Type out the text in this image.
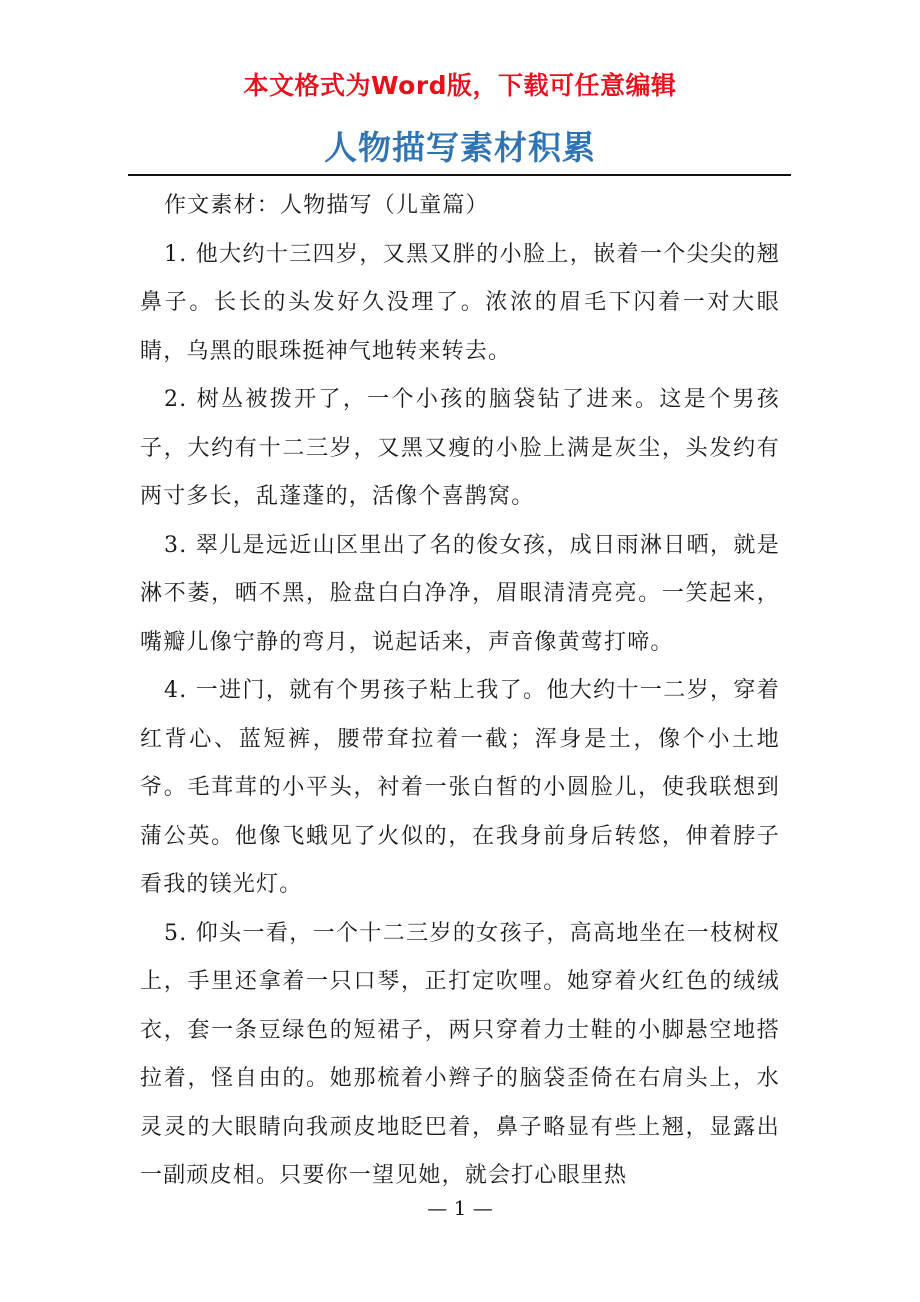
本文格式为Word版，下载可任意编辑
人物描写素材积累

作文素材：人物描写（儿童篇）

1. 他大约十三四岁，又黑又胖的小脸上，嵌着一个尖尖的翘鼻子。长长的头发好久没理了。浓浓的眉毛下闪着一对大眼睛，乌黑的眼珠挺神气地转来转去。

2. 树丛被拨开了，一个小孩的脑袋钻了进来。这是个男孩子，大约有十二三岁，又黑又瘦的小脸上满是灰尘，头发约有两寸多长，乱蓬蓬的，活像个喜鹊窝。

3. 翠儿是远近山区里出了名的俊女孩，成日雨淋日晒，就是淋不萎，晒不黑，脸盘白白净净，眉眼清清亮亮。一笑起来，嘴瓣儿像宁静的弯月，说起话来，声音像黄莺打啼。

4. 一进门，就有个男孩子粘上我了。他大约十一二岁，穿着红背心、蓝短裤，腰带耷拉着一截；浑身是土，像个小土地爷。毛茸茸的小平头，衬着一张白皙的小圆脸儿，使我联想到蒲公英。他像飞蛾见了火似的，在我身前身后转悠，伸着脖子看我的镁光灯。

5. 仰头一看，一个十二三岁的女孩子，高高地坐在一枝树杈上，手里还拿着一只口琴，正打定吹哩。她穿着火红色的绒绒衣，套一条豆绿色的短裙子，两只穿着力士鞋的小脚悬空地搭拉着，怪自由的。她那梳着小辫子的脑袋歪倚在右肩头上，水灵灵的大眼睛向我顽皮地眨巴着，鼻子略显有些上翘，显露出一副顽皮相。只要你一望见她，就会打心眼里热

— 1 —
